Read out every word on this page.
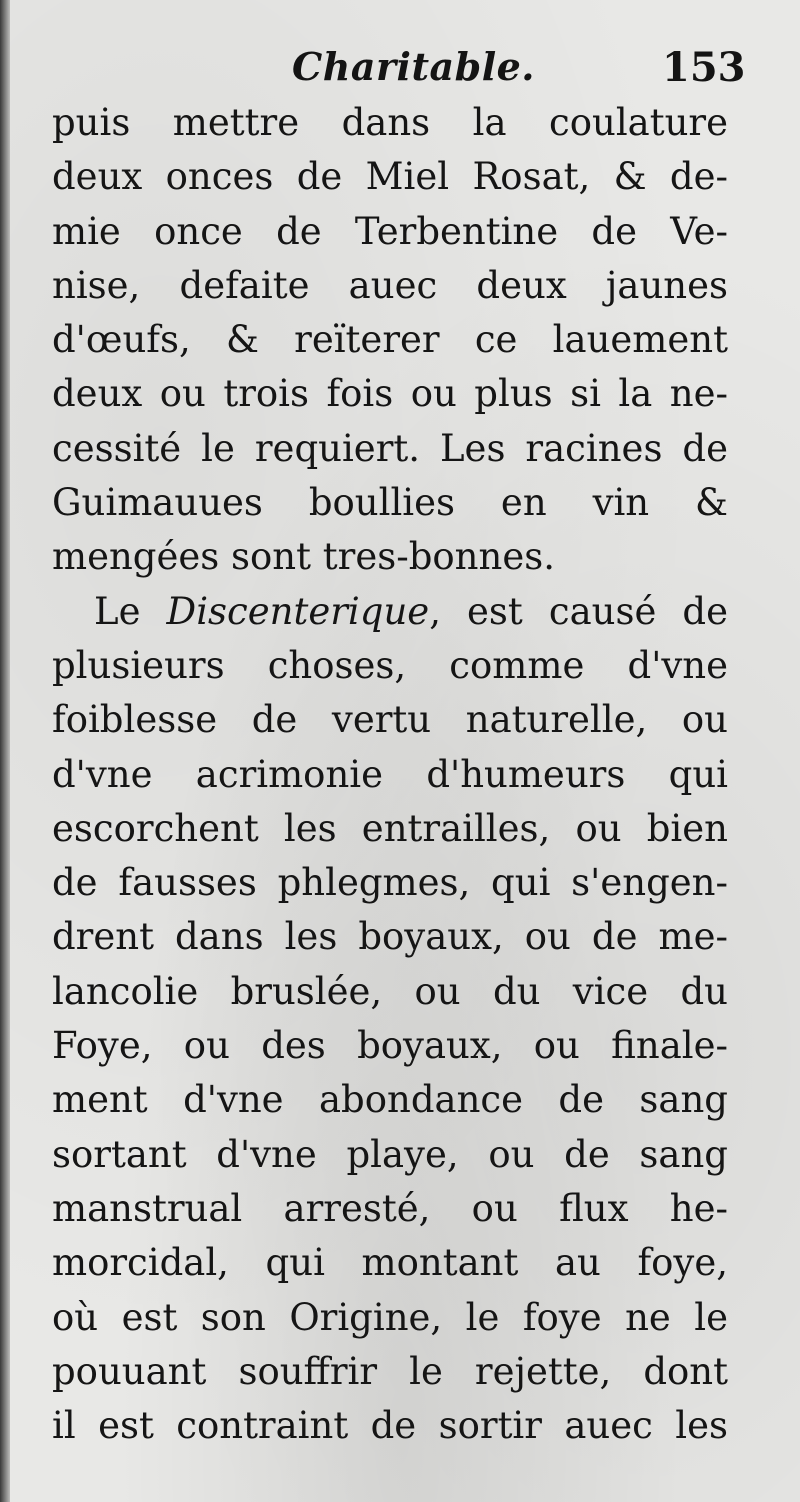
Charitable.	153
puis mettre dans la coulature
deux onces de Miel Rosat, & de-
mie once de Terbentine de Ve-
nise, defaite auec deux jaunes
d'œufs, & reïterer ce lauement
deux ou trois fois ou plus si la ne-
cessité le requiert. Les racines de
Guimauues boullies en vin &
mengées sont tres-bonnes.
Le Discenterique, est causé de
plusieurs choses, comme d'vne
foiblesse de vertu naturelle, ou
d'vne acrimonie d'humeurs qui
escorchent les entrailles, ou bien
de fausses phlegmes, qui s'engen-
drent dans les boyaux, ou de me-
lancolie bruslée, ou du vice du
Foye, ou des boyaux, ou finale-
ment d'vne abondance de sang
sortant d'vne playe, ou de sang
manstrual arresté, ou flux he-
morcidal, qui montant au foye,
où est son Origine, le foye ne le
pouuant souffrir le rejette, dont
il est contraint de sortir auec les
